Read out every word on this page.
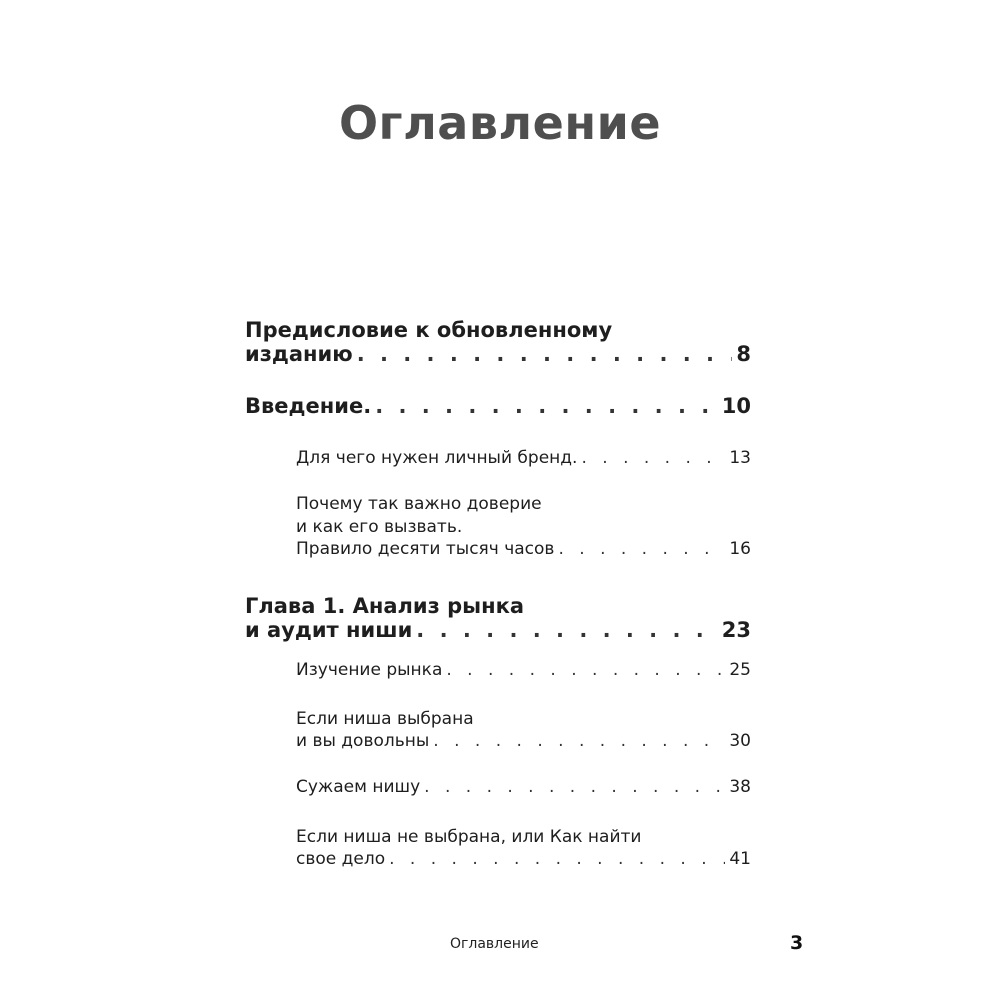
Оглавление
Предисловие к обновленному
изданию . . .	8
Введение. . . .	10
Для чего нужен личный бренд. . . .	13
Почему так важно доверие
и как его вызвать.
Правило десяти тысяч часов . . .	16
Глава 1. Анализ рынка
и аудит ниши . . .	23
Изучение рынка . . .	25
Если ниша выбрана
и вы довольны . . .	30
Сужаем нишу . . .	38
Если ниша не выбрана, или Как найти
свое дело . . .	41
Оглавление	3
